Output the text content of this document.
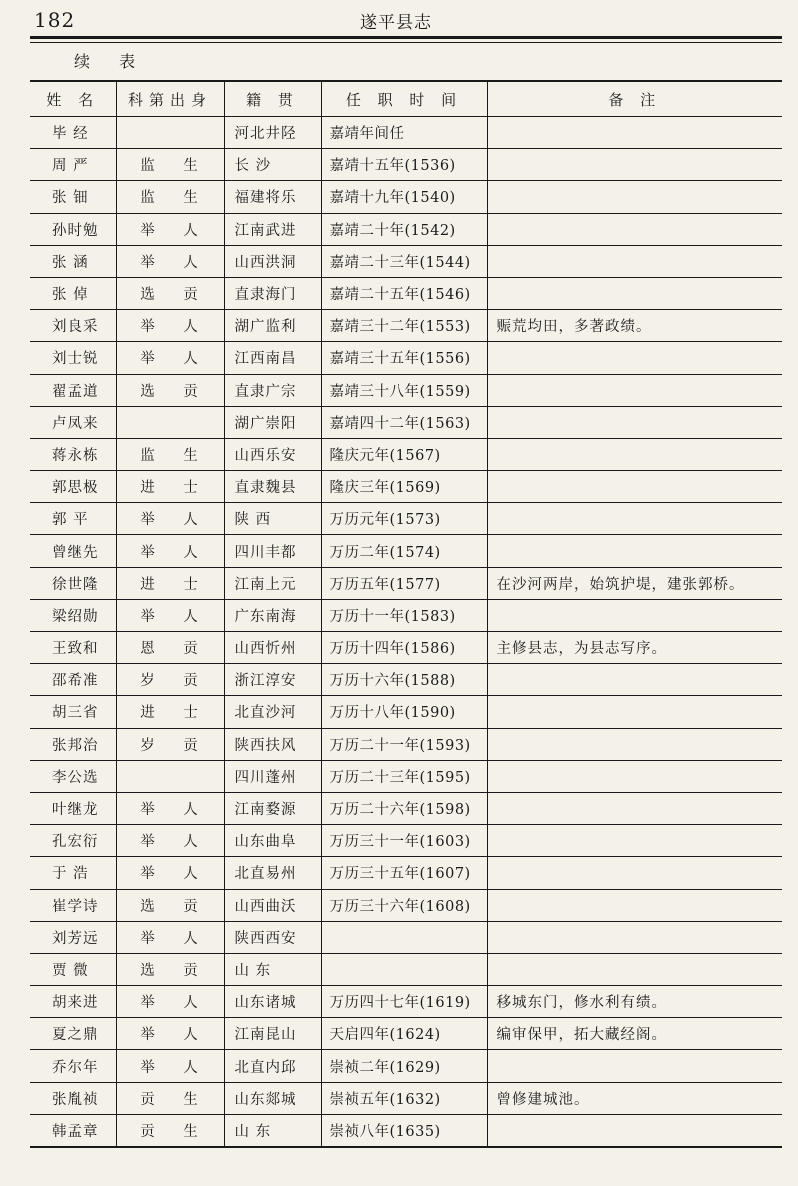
182	遂平县志
续 表
姓 名	科第出身	籍 贯	任 职 时 间	备 注
毕 经		河北井陉	嘉靖年间任	
周 严	监 生	长 沙	嘉靖十五年(1536)	
张 钿	监 生	福建将乐	嘉靖十九年(1540)	
孙时勉	举 人	江南武进	嘉靖二十年(1542)	
张 涵	举 人	山西洪洞	嘉靖二十三年(1544)	
张 倬	选 贡	直隶海门	嘉靖二十五年(1546)	
刘良采	举 人	湖广监利	嘉靖三十二年(1553)	赈荒均田，多著政绩。
刘士锐	举 人	江西南昌	嘉靖三十五年(1556)	
翟孟道	选 贡	直隶广宗	嘉靖三十八年(1559)	
卢凤来		湖广崇阳	嘉靖四十二年(1563)	
蒋永栋	监 生	山西乐安	隆庆元年(1567)	
郭思极	进 士	直隶魏县	隆庆三年(1569)	
郭 平	举 人	陕 西	万历元年(1573)	
曾继先	举 人	四川丰都	万历二年(1574)	
徐世隆	进 士	江南上元	万历五年(1577)	在沙河两岸，始筑护堤，建张郭桥。
梁绍勋	举 人	广东南海	万历十一年(1583)	
王致和	恩 贡	山西忻州	万历十四年(1586)	主修县志，为县志写序。
邵希准	岁 贡	浙江淳安	万历十六年(1588)	
胡三省	进 士	北直沙河	万历十八年(1590)	
张邦治	岁 贡	陕西扶风	万历二十一年(1593)	
李公选		四川蓬州	万历二十三年(1595)	
叶继龙	举 人	江南婺源	万历二十六年(1598)	
孔宏衍	举 人	山东曲阜	万历三十一年(1603)	
于 浩	举 人	北直易州	万历三十五年(1607)	
崔学诗	选 贡	山西曲沃	万历三十六年(1608)	
刘芳远	举 人	陕西西安		
贾 微	选 贡	山 东		
胡来进	举 人	山东诸城	万历四十七年(1619)	移城东门，修水利有绩。
夏之鼎	举 人	江南昆山	天启四年(1624)	编审保甲，拓大藏经阁。
乔尔年	举 人	北直内邱	崇祯二年(1629)	
张胤祯	贡 生	山东郯城	崇祯五年(1632)	曾修建城池。
韩孟章	贡 生	山 东	崇祯八年(1635)	
